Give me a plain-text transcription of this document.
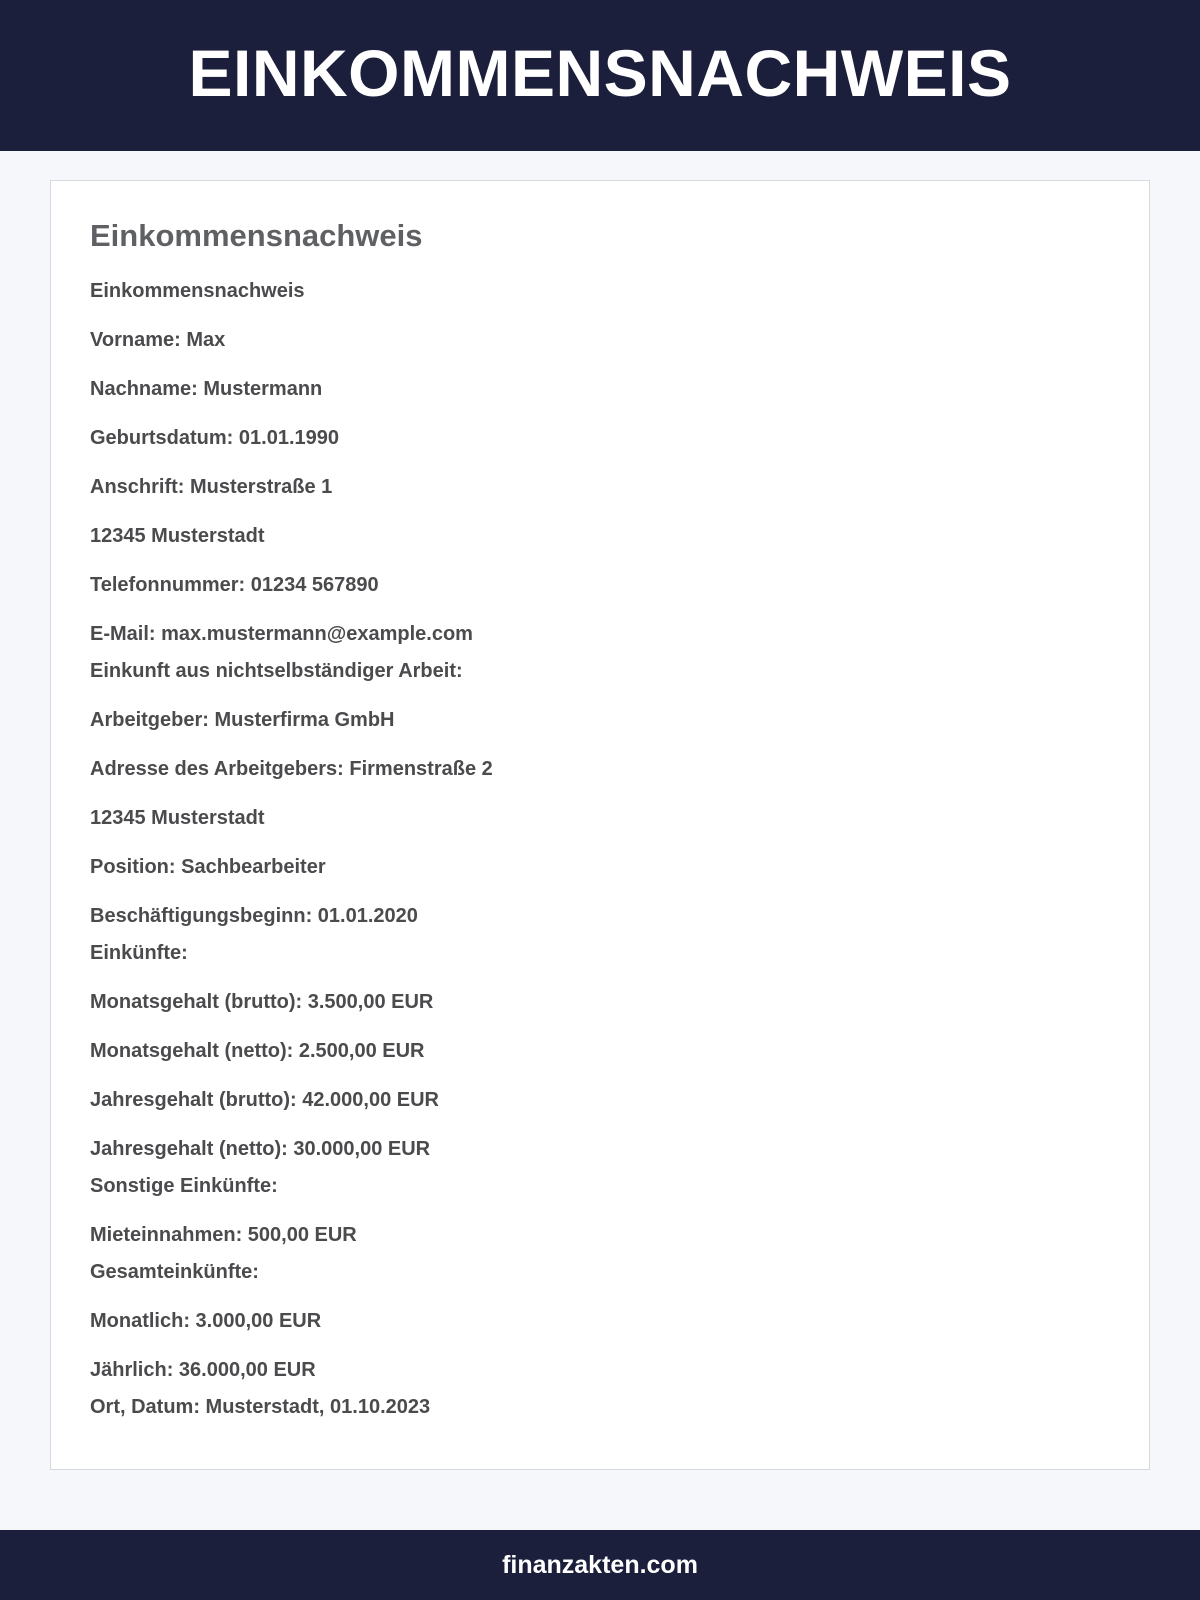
EINKOMMENSNACHWEIS
Einkommensnachweis

Einkommensnachweis

Vorname: Max

Nachname: Mustermann

Geburtsdatum: 01.01.1990

Anschrift: Musterstraße 1

12345 Musterstadt

Telefonnummer: 01234 567890

E-Mail: max.mustermann@example.com

Einkunft aus nichtselbständiger Arbeit:

Arbeitgeber: Musterfirma GmbH

Adresse des Arbeitgebers: Firmenstraße 2

12345 Musterstadt

Position: Sachbearbeiter

Beschäftigungsbeginn: 01.01.2020

Einkünfte:

Monatsgehalt (brutto): 3.500,00 EUR

Monatsgehalt (netto): 2.500,00 EUR

Jahresgehalt (brutto): 42.000,00 EUR

Jahresgehalt (netto): 30.000,00 EUR

Sonstige Einkünfte:

Mieteinnahmen: 500,00 EUR

Gesamteinkünfte:

Monatlich: 3.000,00 EUR

Jährlich: 36.000,00 EUR

Ort, Datum: Musterstadt, 01.10.2023

finanzakten.com
